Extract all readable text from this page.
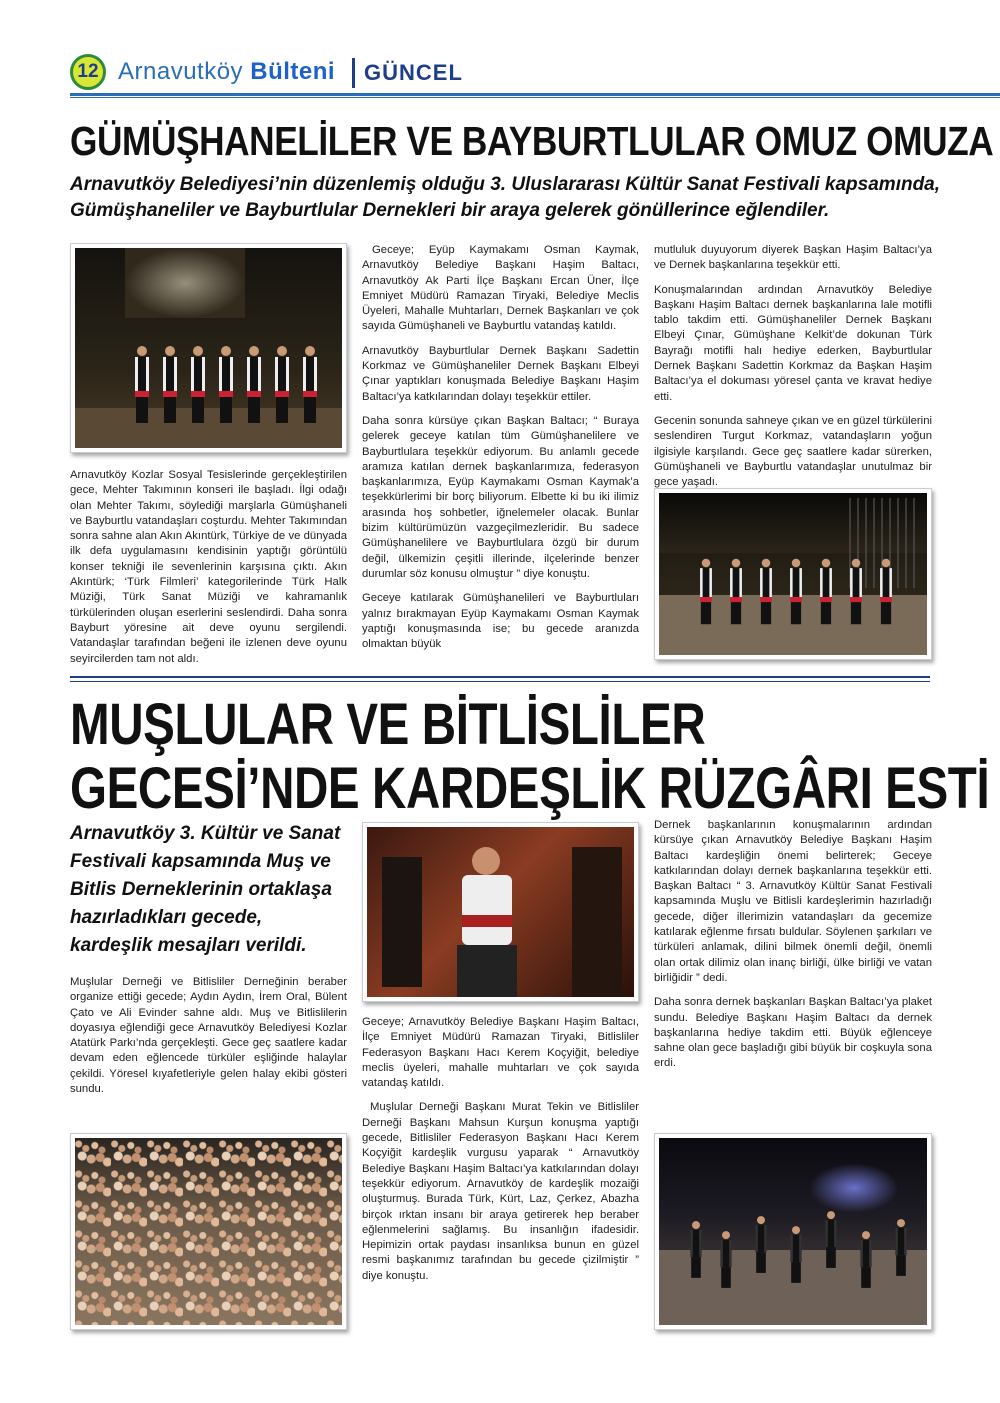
12 Arnavutköy Bülteni GÜNCEL
GÜMÜŞHANELİLER VE BAYBURTLULAR OMUZ OMUZA
Arnavutköy Belediyesi’nin düzenlemiş olduğu 3. Uluslararası Kültür Sanat Festivali kapsamında, Gümüşhaneliler ve Bayburtlular Dernekleri bir araya gelerek gönüllerince eğlendiler.

Arnavutköy Kozlar Sosyal Tesislerinde gerçekleştirilen gece, Mehter Takımının konseri ile başladı. İlgi odağı olan Mehter Takımı, söylediği marşlarla Gümüşhaneli ve Bayburtlu vatandaşları coşturdu. Mehter Takımından sonra sahne alan Akın Akıntürk, Türkiye de ve dünyada ilk defa uygulamasını kendisinin yaptığı görüntülü konser tekniği ile sevenlerinin karşısına çıktı. Akın Akıntürk; ‘Türk Filmleri’ kategorilerinde Türk Halk Müziği, Türk Sanat Müziği ve kahramanlık türkülerinden oluşan eserlerini seslendirdi. Daha sonra Bayburt yöresine ait deve oyunu sergilendi. Vatandaşlar tarafından beğeni ile izlenen deve oyunu seyircilerden tam not aldı.

Geceye; Eyüp Kaymakamı Osman Kaymak, Arnavutköy Belediye Başkanı Haşim Baltacı, Arnavutköy Ak Parti İlçe Başkanı Ercan Üner, İlçe Emniyet Müdürü Ramazan Tiryaki, Belediye Meclis Üyeleri, Mahalle Muhtarları, Dernek Başkanları ve çok sayıda Gümüşhaneli ve Bayburtlu vatandaş katıldı.

Arnavutköy Bayburtlular Dernek Başkanı Sadettin Korkmaz ve Gümüşhaneliler Dernek Başkanı Elbeyi Çınar yaptıkları konuşmada Belediye Başkanı Haşim Baltacı’ya katkılarından dolayı teşekkür ettiler.

Daha sonra kürsüye çıkan Başkan Baltacı; “ Buraya gelerek geceye katılan tüm Gümüşhanelilere ve Bayburtlulara teşekkür ediyorum. Bu anlamlı gecede aramıza katılan dernek başkanlarımıza, federasyon başkanlarımıza, Eyüp Kaymakamı Osman Kaymak’a teşekkürlerimi bir borç biliyorum. Elbette ki bu iki ilimiz arasında hoş sohbetler, iğnelemeler olacak. Bunlar bizim kültürümüzün vazgeçilmezleridir. Bu sadece Gümüşhanelilere ve Bayburtlulara özgü bir durum değil, ülkemizin çeşitli illerinde, ilçelerinde benzer durumlar söz konusu olmuştur ” diye konuştu.

Geceye katılarak Gümüşhanelileri ve Bayburtluları yalnız bırakmayan Eyüp Kaymakamı Osman Kaymak yaptığı konuşmasında ise; bu gecede aranızda olmaktan büyük

mutluluk duyuyorum diyerek Başkan Haşim Baltacı’ya ve Dernek başkanlarına teşekkür etti.

Konuşmalarından ardından Arnavutköy Belediye Başkanı Haşim Baltacı dernek başkanlarına lale motifli tablo takdim etti. Gümüşhaneliler Dernek Başkanı Elbeyi Çınar, Gümüşhane Kelkit’de dokunan Türk Bayrağı motifli halı hediye ederken, Bayburtlular Dernek Başkanı Sadettin Korkmaz da Başkan Haşim Baltacı’ya el dokuması yöresel çanta ve kravat hediye etti.

Gecenin sonunda sahneye çıkan ve en güzel türkülerini seslendiren Turgut Korkmaz, vatandaşların yoğun ilgisiyle karşılandı. Gece geç saatlere kadar sürerken, Gümüşhaneli ve Bayburtlu vatandaşlar unutulmaz bir gece yaşadı.

MUŞLULAR VE BİTLİSLİLER
GECESİ’NDE KARDEŞLİK RÜZGÂRI ESTİ
Arnavutköy 3. Kültür ve Sanat Festivali kapsamında Muş ve Bitlis Derneklerinin ortaklaşa hazırladıkları gecede, kardeşlik mesajları verildi.

Muşlular Derneği ve Bitlisliler Derneğinin beraber organize ettiği gecede; Aydın Aydın, İrem Oral, Bülent Çato ve Ali Evinder sahne aldı. Muş ve Bitlislilerin doyasıya eğlendiği gece Arnavutköy Belediyesi Kozlar Atatürk Parkı’nda gerçekleşti. Gece geç saatlere kadar devam eden eğlencede türküler eşliğinde halaylar çekildi. Yöresel kıyafetleriyle gelen halay ekibi gösteri sundu.

Geceye; Arnavutköy Belediye Başkanı Haşim Baltacı, İlçe Emniyet Müdürü Ramazan Tiryaki, Bitlisliler Federasyon Başkanı Hacı Kerem Koçyiğit, belediye meclis üyeleri, mahalle muhtarları ve çok sayıda vatandaş katıldı.

Muşlular Derneği Başkanı Murat Tekin ve Bitlisliler Derneği Başkanı Mahsun Kurşun konuşma yaptığı gecede, Bitlisliler Federasyon Başkanı Hacı Kerem Koçyiğit kardeşlik vurgusu yaparak “ Arnavutköy Belediye Başkanı Haşim Baltacı’ya katkılarından dolayı teşekkür ediyorum. Arnavutköy de kardeşlik mozaiği oluşturmuş. Burada Türk, Kürt, Laz, Çerkez, Abazha birçok ırktan insanı bir araya getirerek hep beraber eğlenmelerini sağlamış. Bu insanlığın ifadesidir. Hepimizin ortak paydası insanlıksa bunun en güzel resmi başkanımız tarafından bu gecede çizilmiştir ” diye konuştu.

Dernek başkanlarının konuşmalarının ardından kürsüye çıkan Arnavutköy Belediye Başkanı Haşim Baltacı kardeşliğin önemi belirterek; Geceye katkılarından dolayı dernek başkanlarına teşekkür etti. Başkan Baltacı “ 3. Arnavutköy Kültür Sanat Festivali kapsamında Muşlu ve Bitlisli kardeşlerimin hazırladığı gecede, diğer illerimizin vatandaşları da gecemize katılarak eğlenme fırsatı buldular. Söylenen şarkıları ve türküleri anlamak, dilini bilmek önemli değil, önemli olan ortak dilimiz olan inanç birliği, ülke birliği ve vatan birliğidir ” dedi.

Daha sonra dernek başkanları Başkan Baltacı’ya plaket sundu. Belediye Başkanı Haşim Baltacı da dernek başkanlarına hediye takdim etti. Büyük eğlenceye sahne olan gece başladığı gibi büyük bir coşkuyla sona erdi.
